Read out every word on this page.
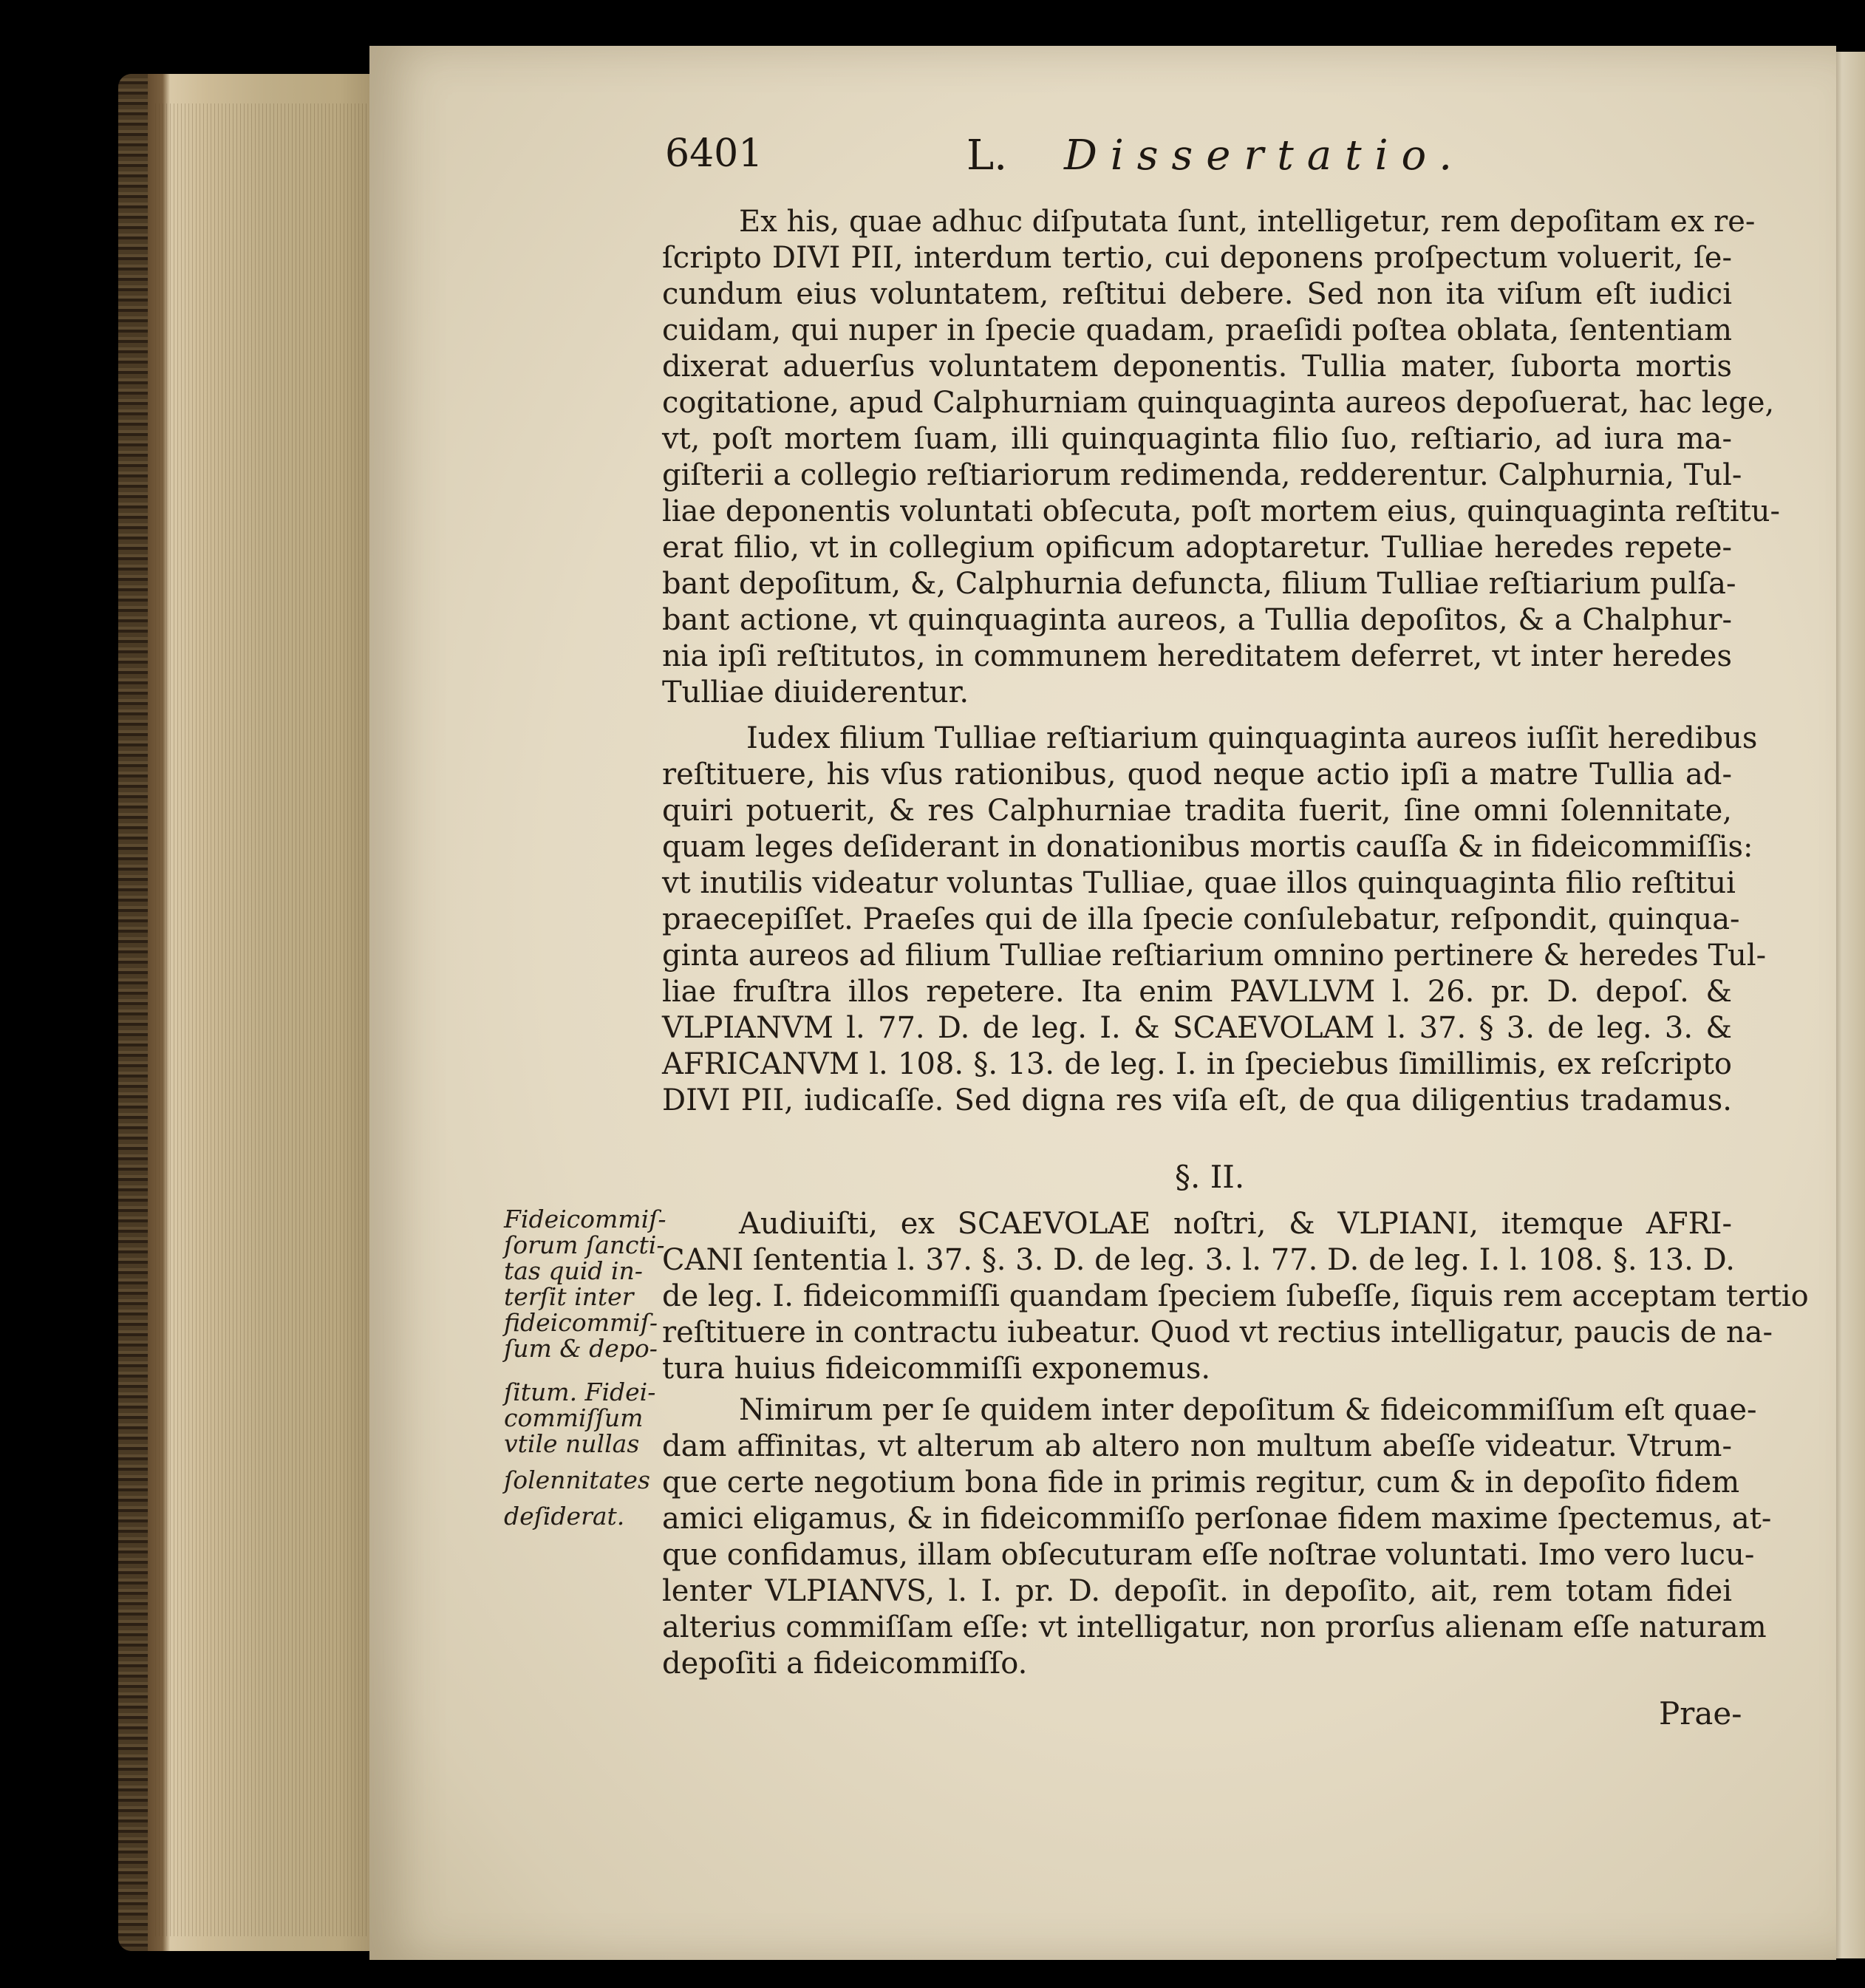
6401	L. Dissertatio.
Ex his, quae adhuc diſputata ſunt, intelligetur, rem depoſitam ex re-
ſcripto DIVI PII, interdum tertio, cui deponens proſpectum voluerit, ſe-
cundum eius voluntatem, reſtitui debere. Sed non ita viſum eſt iudici
cuidam, qui nuper in ſpecie quadam, praeſidi poſtea oblata, ſententiam
dixerat aduerſus voluntatem deponentis. Tullia mater, ſuborta mortis
cogitatione, apud Calphurniam quinquaginta aureos depoſuerat, hac lege,
vt, poſt mortem ſuam, illi quinquaginta filio ſuo, reſtiario, ad iura ma-
giſterii a collegio reſtiariorum redimenda, redderentur. Calphurnia, Tul-
liae deponentis voluntati obſecuta, poſt mortem eius, quinquaginta reſtitu-
erat filio, vt in collegium opificum adoptaretur. Tulliae heredes repete-
bant depoſitum, &, Calphurnia defuncta, filium Tulliae reſtiarium pulſa-
bant actione, vt quinquaginta aureos, a Tullia depoſitos, & a Chalphur-
nia ipſi reſtitutos, in communem hereditatem deferret, vt inter heredes
Tulliae diuiderentur.
Iudex filium Tulliae reſtiarium quinquaginta aureos iuſſit heredibus
reſtituere, his vſus rationibus, quod neque actio ipſi a matre Tullia ad-
quiri potuerit, & res Calphurniae tradita fuerit, ſine omni ſolennitate,
quam leges deſiderant in donationibus mortis cauſſa & in fideicommiſſis:
vt inutilis videatur voluntas Tulliae, quae illos quinquaginta filio reſtitui
praecepiſſet. Praeſes qui de illa ſpecie conſulebatur, reſpondit, quinqua-
ginta aureos ad filium Tulliae reſtiarium omnino pertinere & heredes Tul-
liae fruſtra illos repetere. Ita enim PAVLLVM l. 26. pr. D. depoſ. &
VLPIANVM l. 77. D. de leg. I. & SCAEVOLAM l. 37. § 3. de leg. 3. &
AFRICANVM l. 108. §. 13. de leg. I. in ſpeciebus ſimillimis, ex reſcripto
DIVI PII, iudicaſſe. Sed digna res viſa eſt, de qua diligentius tradamus.
§. II.
Audiuiſti, ex SCAEVOLAE noſtri, & VLPIANI, itemque AFRI-
CANI ſententia l. 37. §. 3. D. de leg. 3. l. 77. D. de leg. I. l. 108. §. 13. D.
de leg. I. fideicommiſſi quandam ſpeciem ſubeſſe, ſiquis rem acceptam tertio
reſtituere in contractu iubeatur. Quod vt rectius intelligatur, paucis de na-
tura huius fideicommiſſi exponemus.
Nimirum per ſe quidem inter depoſitum & fideicommiſſum eſt quae-
dam affinitas, vt alterum ab altero non multum abeſſe videatur. Vtrum-
que certe negotium bona fide in primis regitur, cum & in depoſito fidem
amici eligamus, & in fideicommiſſo perſonae fidem maxime ſpectemus, at-
que confidamus, illam obſecuturam eſſe noſtrae voluntati. Imo vero lucu-
lenter VLPIANVS, l. I. pr. D. depoſit. in depoſito, ait, rem totam fidei
alterius commiſſam eſſe: vt intelligatur, non prorſus alienam eſſe naturam
depoſiti a fideicommiſſo.
Fideicommiſ-
ſorum ſancti-
tas quid in-
terſit inter
fideicommiſ-
ſum & depo-
ſitum. Fidei-
commiſſum
vtile nullas
ſolennitates
deſiderat.
Prae-
